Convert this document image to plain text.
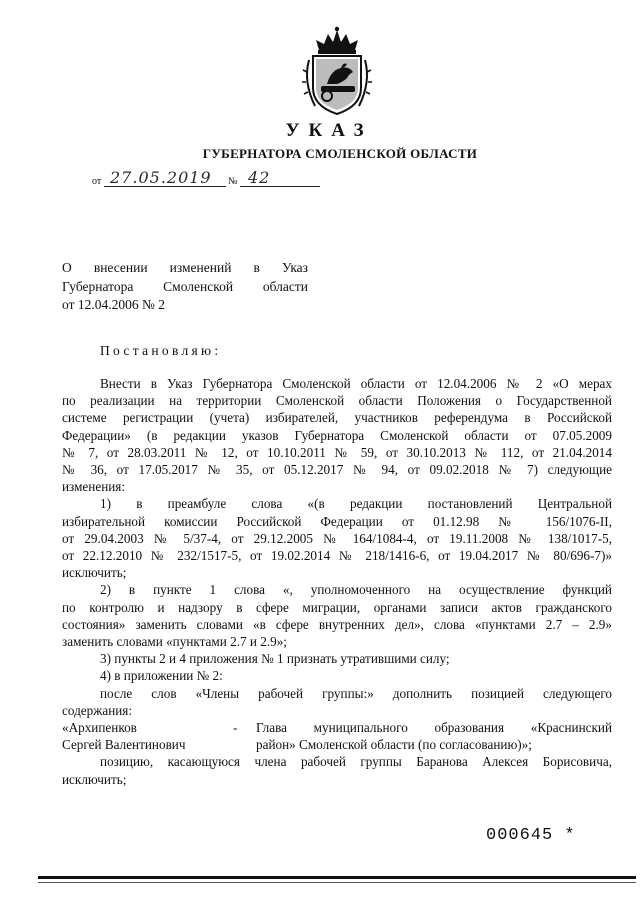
УКАЗ
ГУБЕРНАТОРА СМОЛЕНСКОЙ ОБЛАСТИ
от 27.05.2019 № 42
О внесении изменений в Указ
Губернатора Смоленской области
от 12.04.2006 № 2
Постановляю:
Внести в Указ Губернатора Смоленской области от 12.04.2006 № 2 «О мерах
по реализации на территории Смоленской области Положения о Государственной
системе регистрации (учета) избирателей, участников референдума в Российской
Федерации» (в редакции указов Губернатора Смоленской области от 07.05.2009
№ 7, от 28.03.2011 № 12, от 10.10.2011 № 59, от 30.10.2013 № 112, от 21.04.2014
№ 36, от 17.05.2017 № 35, от 05.12.2017 № 94, от 09.02.2018 № 7) следующие
изменения:
1) в преамбуле слова «(в редакции постановлений Центральной
избирательной комиссии Российской Федерации от 01.12.98 № 156/1076-II,
от 29.04.2003 № 5/37-4, от 29.12.2005 № 164/1084-4, от 19.11.2008 № 138/1017-5,
от 22.12.2010 № 232/1517-5, от 19.02.2014 № 218/1416-6, от 19.04.2017 № 80/696-7)»
исключить;
2) в пункте 1 слова «, уполномоченного на осуществление функций
по контролю и надзору в сфере миграции, органами записи актов гражданского
состояния» заменить словами «в сфере внутренних дел», слова «пунктами 2.7 – 2.9»
заменить словами «пунктами 2.7 и 2.9»;
3) пункты 2 и 4 приложения № 1 признать утратившими силу;
4) в приложении № 2:
после слов «Члены рабочей группы:» дополнить позицией следующего
содержания:
«Архипенков
Сергей Валентинович
- Глава муниципального образования «Краснинский
район» Смоленской области (по согласованию)»;
позицию, касающуюся члена рабочей группы Баранова Алексея Борисовича,
исключить;
000645 *
